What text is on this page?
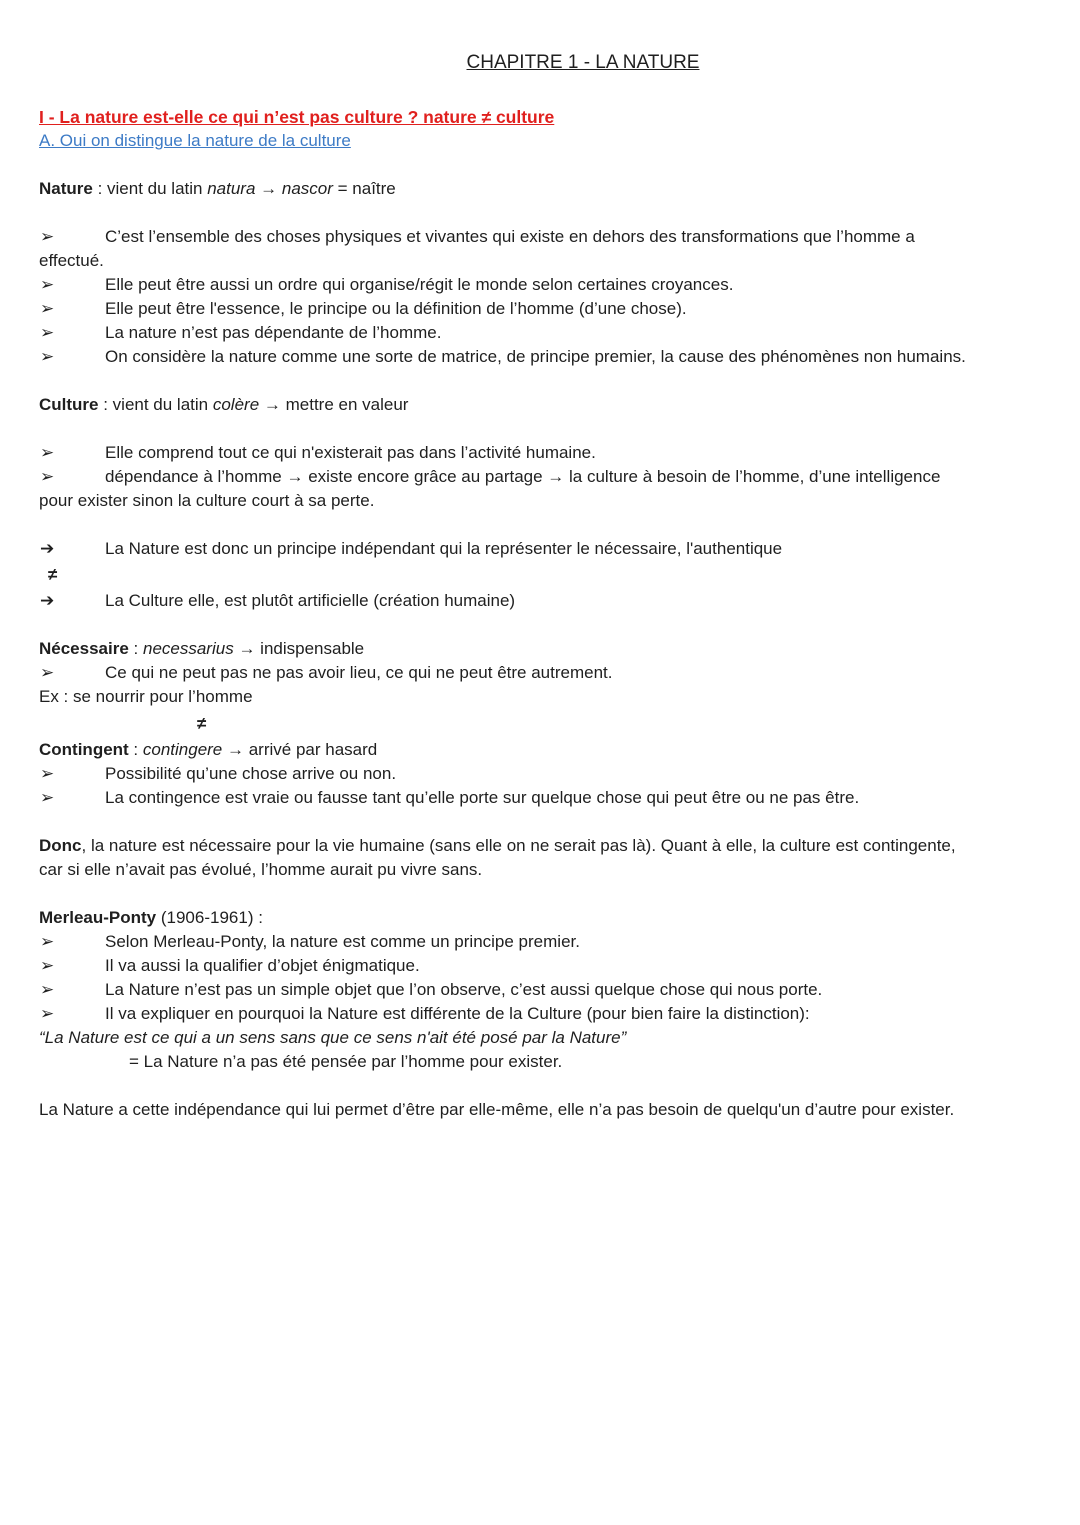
CHAPITRE 1 - LA NATURE
I - La nature est-elle ce qui n’est pas culture ? nature ≠ culture
A. Oui on distingue la nature de la culture
Nature : vient du latin natura → nascor = naître
➢	C’est l’ensemble des choses physiques et vivantes qui existe en dehors des transformations que l’homme a
effectué.
➢	Elle peut être aussi un ordre qui organise/régit le monde selon certaines croyances.
➢	Elle peut être l'essence, le principe ou la définition de l’homme (d’une chose).
➢	La nature n’est pas dépendante de l’homme.
➢	On considère la nature comme une sorte de matrice, de principe premier, la cause des phénomènes non humains.
Culture : vient du latin colère → mettre en valeur
➢	Elle comprend tout ce qui n'existerait pas dans l’activité humaine.
➢	dépendance à l’homme → existe encore grâce au partage → la culture à besoin de l’homme, d’une intelligence
pour exister sinon la culture court à sa perte.
➔	La Nature est donc un principe indépendant qui la représenter le nécessaire, l'authentique
≠
➔	La Culture elle, est plutôt artificielle (création humaine)
Nécessaire : necessarius → indispensable
➢	Ce qui ne peut pas ne pas avoir lieu, ce qui ne peut être autrement.
Ex : se nourrir pour l’homme
≠
Contingent : contingere → arrivé par hasard
➢	Possibilité qu’une chose arrive ou non.
➢	La contingence est vraie ou fausse tant qu’elle porte sur quelque chose qui peut être ou ne pas être.
Donc, la nature est nécessaire pour la vie humaine (sans elle on ne serait pas là). Quant à elle, la culture est contingente,
car si elle n’avait pas évolué, l’homme aurait pu vivre sans.
Merleau-Ponty (1906-1961) :
➢	Selon Merleau-Ponty, la nature est comme un principe premier.
➢	Il va aussi la qualifier d’objet énigmatique.
➢	La Nature n’est pas un simple objet que l’on observe, c’est aussi quelque chose qui nous porte.
➢	Il va expliquer en pourquoi la Nature est différente de la Culture (pour bien faire la distinction):
“La Nature est ce qui a un sens sans que ce sens n'ait été posé par la Nature”
= La Nature n’a pas été pensée par l’homme pour exister.
La Nature a cette indépendance qui lui permet d’être par elle-même, elle n’a pas besoin de quelqu'un d’autre pour exister.
